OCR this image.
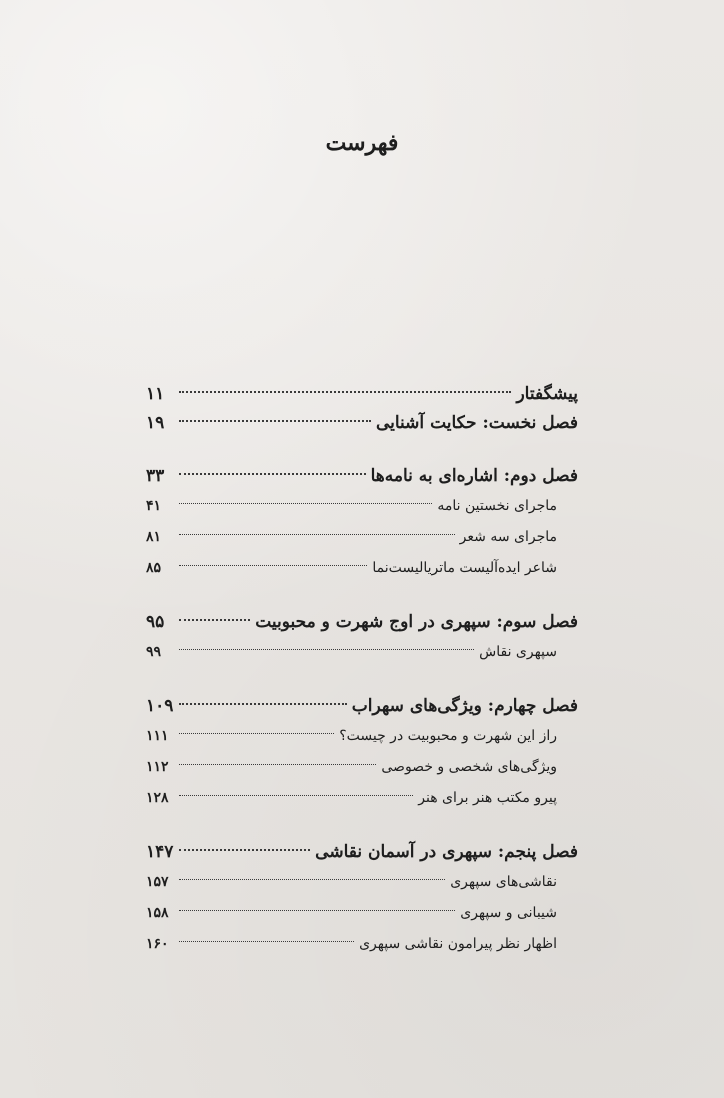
فهرست
پیشگفتار
۱۱
فصل نخست: حکایت آشنایی
۱۹
فصل دوم: اشاره‌ای به نامه‌ها
۳۳
ماجرای نخستین نامه
۴۱
ماجرای سه شعر
۸۱
شاعر ایده‌آلیست ماتریالیست‌نما
۸۵
فصل سوم: سپهری در اوج شهرت و محبوبیت
۹۵
سپهری نقاش
۹۹
فصل چهارم: ویژگی‌های سهراب
۱۰۹
راز این شهرت و محبوبیت در چیست؟
۱۱۱
ویژگی‌های شخصی و خصوصی
۱۱۲
پیرو مکتب هنر برای هنر
۱۲۸
فصل پنجم: سپهری در آسمان نقاشی
۱۴۷
نقاشی‌های سپهری
۱۵۷
شیبانی و سپهری
۱۵۸
اظهار نظر پیرامون نقاشی سپهری
۱۶۰
